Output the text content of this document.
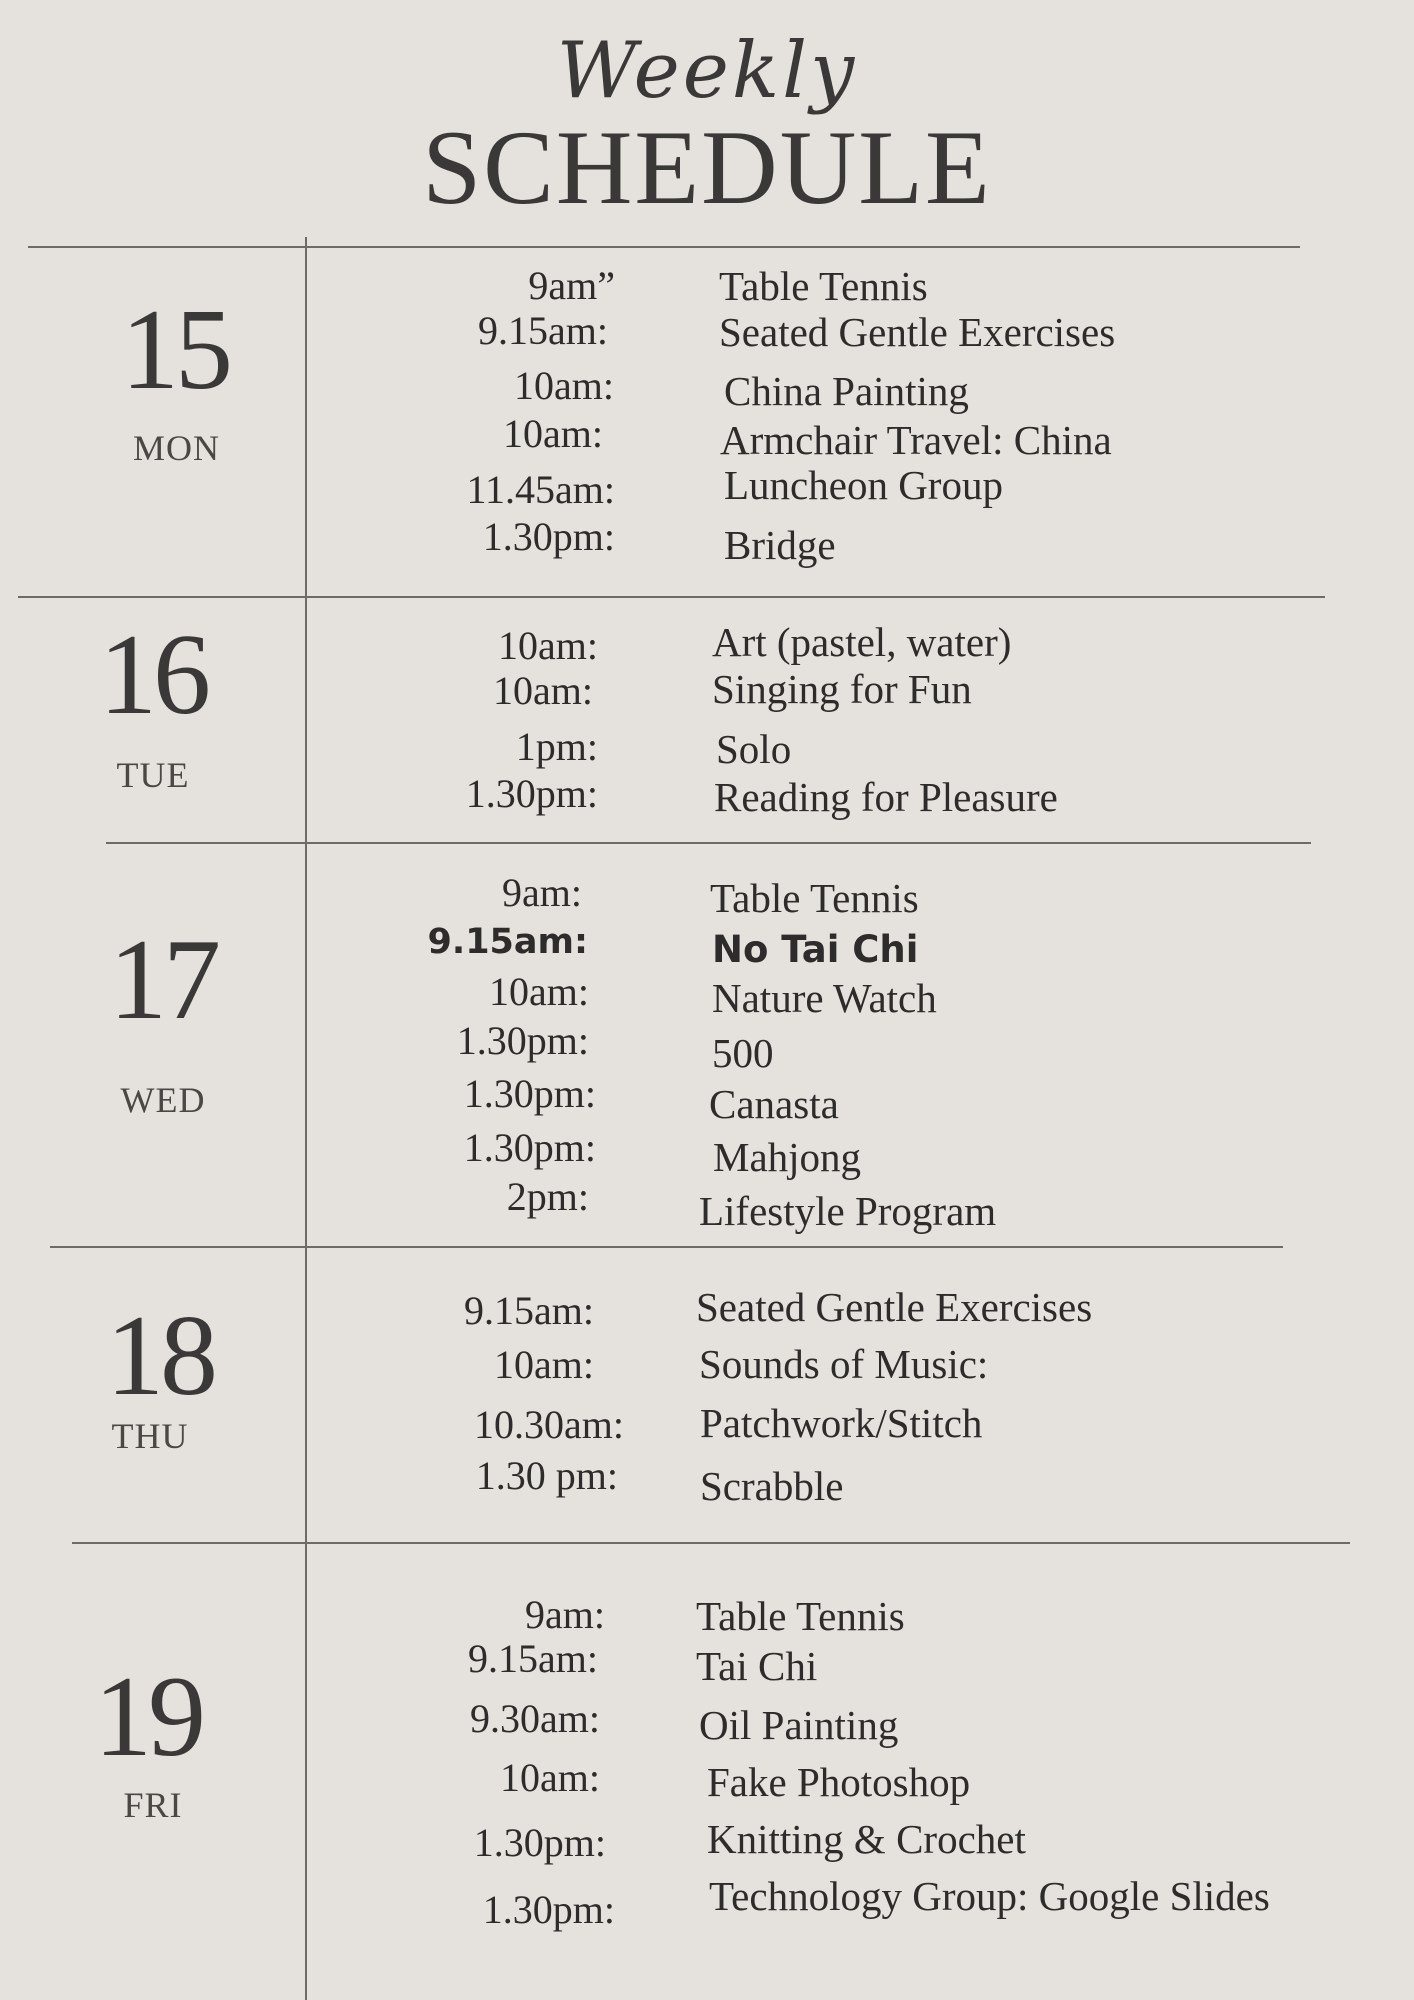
Weekly
SCHEDULE
15
MON
9am”	Table Tennis
9.15am:	Seated Gentle Exercises
10am:	China Painting
10am:	Armchair Travel: China
11.45am:	Luncheon Group
1.30pm:	Bridge
16
TUE
10am:	Art (pastel, water)
10am:	Singing for Fun
1pm:	Solo
1.30pm:	Reading for Pleasure
17
WED
9am:	Table Tennis
9.15am:	No Tai Chi
10am:	Nature Watch
1.30pm:	500
1.30pm:	Canasta
1.30pm:	Mahjong
2pm:	Lifestyle Program
18
THU
9.15am: Seated Gentle Exercises
10am:	Sounds of Music:
10.30am: Patchwork/Stitch
1.30 pm: Scrabble
19
FRI
9am: Table Tennis
9.15am: Tai Chi
9.30am: Oil Painting
10am:	Fake Photoshop
1.30pm: Knitting & Crochet
1.30pm: Technology Group: Google Slides
